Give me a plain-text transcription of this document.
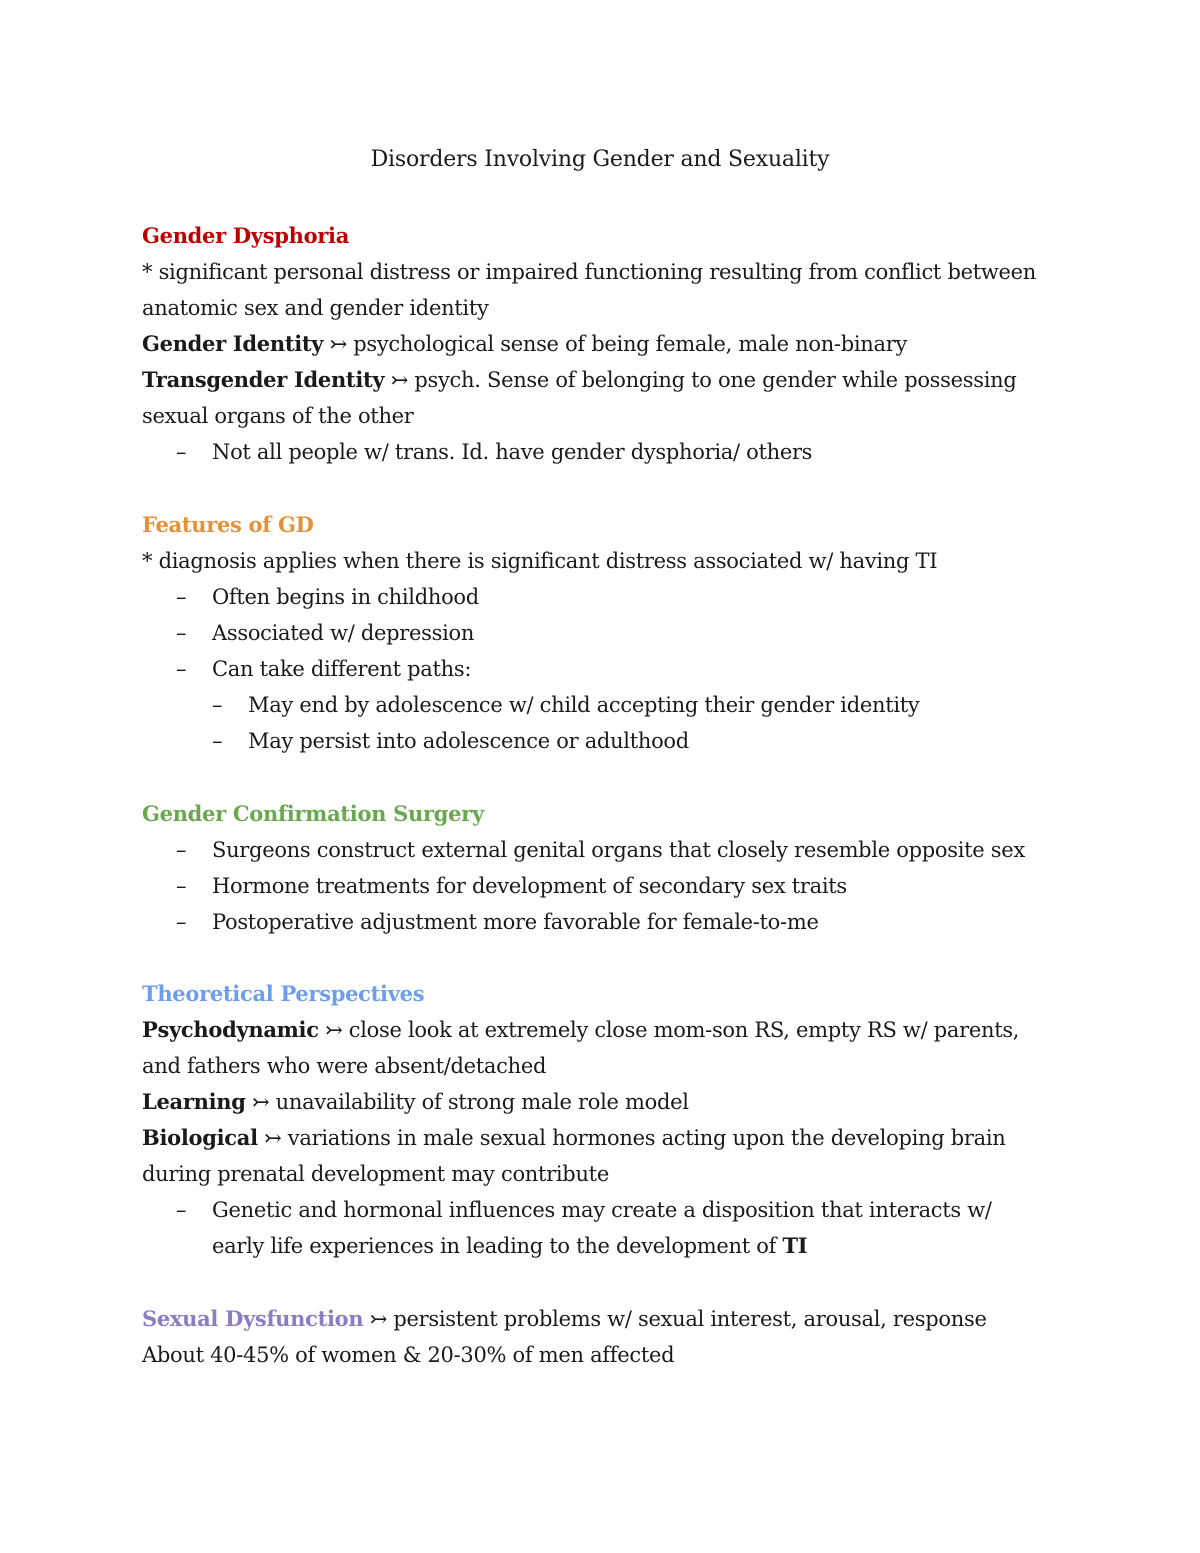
Disorders Involving Gender and Sexuality
Gender Dysphoria
* significant personal distress or impaired functioning resulting from conflict between
anatomic sex and gender identity
Gender Identity ↣ psychological sense of being female, male non-binary
Transgender Identity ↣ psych. Sense of belonging to one gender while possessing
sexual organs of the other
–	Not all people w/ trans. Id. have gender dysphoria/ others
Features of GD
* diagnosis applies when there is significant distress associated w/ having TI
–	Often begins in childhood
–	Associated w/ depression
–	Can take different paths:
–	May end by adolescence w/ child accepting their gender identity
–	May persist into adolescence or adulthood
Gender Confirmation Surgery
–	Surgeons construct external genital organs that closely resemble opposite sex
–	Hormone treatments for development of secondary sex traits
–	Postoperative adjustment more favorable for female-to-me
Theoretical Perspectives
Psychodynamic ↣ close look at extremely close mom-son RS, empty RS w/ parents,
and fathers who were absent/detached
Learning ↣ unavailability of strong male role model
Biological ↣ variations in male sexual hormones acting upon the developing brain
during prenatal development may contribute
–	Genetic and hormonal influences may create a disposition that interacts w/
early life experiences in leading to the development of TI
Sexual Dysfunction ↣ persistent problems w/ sexual interest, arousal, response
About 40-45% of women & 20-30% of men affected
